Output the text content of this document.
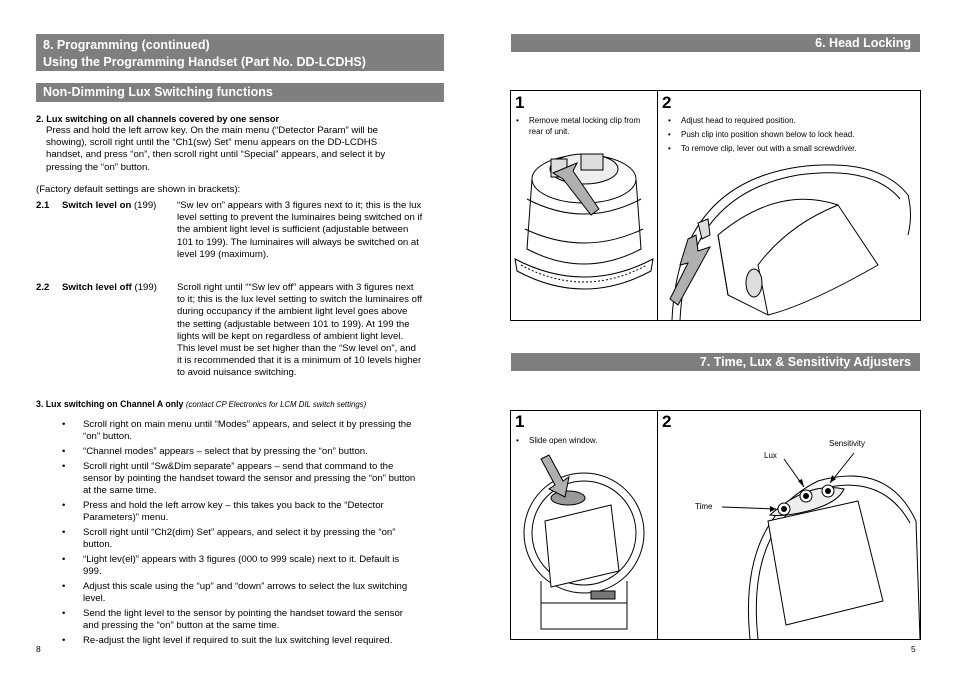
8. Programming (continued)
Using the Programming Handset (Part No. DD-LCDHS)
Non-Dimming Lux Switching functions
2. Lux switching on all channels covered by one sensor
Press and hold the left arrow key. On the main menu (“Detector Param” will be
showing), scroll right until the “Ch1(sw) Set” menu appears on the DD-LCDHS
handset, and press “on”, then scroll right until “Special” appears, and select it by
pressing the “on” button.
(Factory default settings are shown in brackets):
2.1 Switch level on (199) “Sw lev on” appears with 3 figures next to it; this is the lux
level setting to prevent the luminaires being switched on if
the ambient light level is sufficient (adjustable between
101 to 199). The luminaires will always be switched on at
level 199 (maximum).
2.2 Switch level off (199) Scroll right until ““Sw lev off” appears with 3 figures next
to it; this is the lux level setting to switch the luminaires off
during occupancy if the ambient light level goes above
the setting (adjustable between 101 to 199). At 199 the
lights will be kept on regardless of ambient light level.
This level must be set higher than the “Sw level on”, and
it is recommended that it is a minimum of 10 levels higher
to avoid nuisance switching.
3. Lux switching on Channel A only (contact CP Electronics for LCM DIL switch settings)
• Scroll right on main menu until “Modes” appears, and select it by pressing the
“on” button.
• “Channel modes” appears – select that by pressing the “on” button.
• Scroll right until “Sw&Dim separate” appears – send that command to the
sensor by pointing the handset toward the sensor and pressing the “on” button
at the same time.
• Press and hold the left arrow key – this takes you back to the “Detector
Parameters)” menu.
• Scroll right until “Ch2(dim) Set” appears, and select it by pressing the “on”
button.
• “Light lev(el)” appears with 3 figures (000 to 999 scale) next to it. Default is
999.
• Adjust this scale using the “up” and “down” arrows to select the lux switching
level.
• Send the light level to the sensor by pointing the handset toward the sensor
and pressing the “on” button at the same time.
• Re-adjust the light level if required to suit the lux switching level required.
8
6. Head Locking
1
• Remove metal locking clip from
rear of unit.
2
• Adjust head to required position.
• Push clip into position shown below to lock head.
• To remove clip, lever out with a small screwdriver.
7. Time, Lux & Sensitivity Adjusters
1
• Slide open window.
2
Sensitivity
Lux
Time
5
